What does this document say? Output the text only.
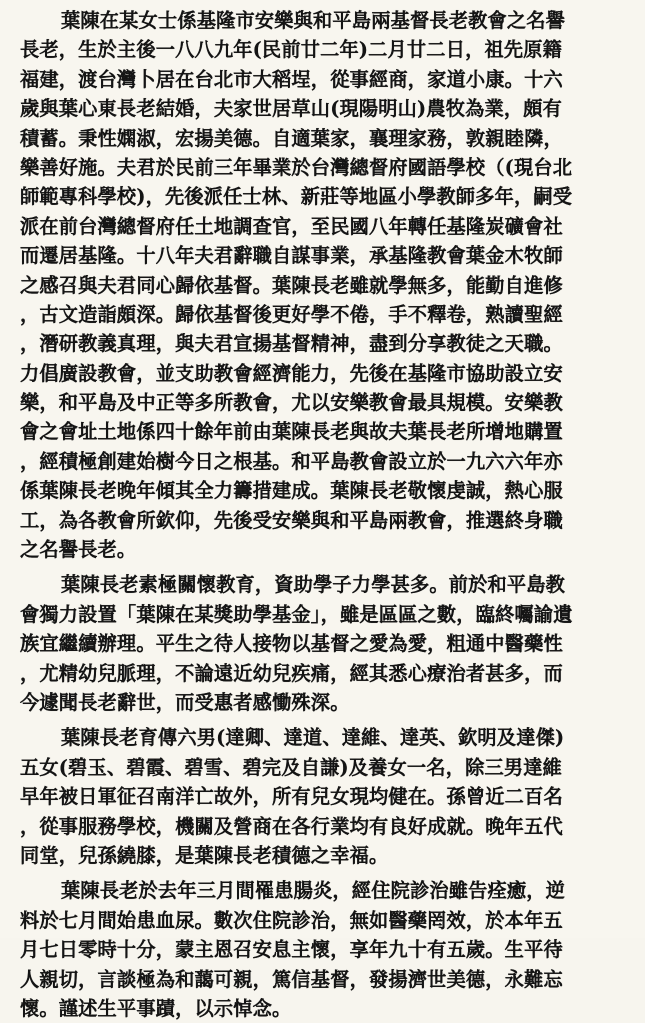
葉陳在某女士係基隆市安樂與和平島兩基督長老教會之名譽
長老，生於主後一八八九年(民前廿二年)二月廿二日，祖先原籍
福建，渡台灣卜居在台北市大稻埕，從事經商，家道小康。十六
歲與葉心東長老結婚，夫家世居草山(現陽明山)農牧為業，頗有
積蓄。秉性嫻淑，宏揚美德。自適葉家，襄理家務，敦親睦隣，
樂善好施。夫君於民前三年畢業於台灣總督府國語學校（(現台北
師範專科學校)，先後派任士林、新莊等地區小學教師多年，嗣受
派在前台灣總督府任土地調查官，至民國八年轉任基隆炭礦會社
而遷居基隆。十八年夫君辭職自謀事業，承基隆教會葉金木牧師
之感召與夫君同心歸依基督。葉陳長老雖就學無多，能勤自進修
，古文造詣頗深。歸依基督後更好學不倦，手不釋卷，熟讀聖經
，潛研教義真理，與夫君宣揚基督精神，盡到分享教徒之天職。
力倡廣設教會，並支助教會經濟能力，先後在基隆市協助設立安
樂，和平島及中正等多所教會，尤以安樂教會最具規模。安樂教
會之會址土地係四十餘年前由葉陳長老與故夫葉長老所增地購置
，經積極創建始樹今日之根基。和平島教會設立於一九六六年亦
係葉陳長老晚年傾其全力籌措建成。葉陳長老敬懷虔誠，熱心服
工，為各教會所欽仰，先後受安樂與和平島兩教會，推選終身職
之名譽長老。
葉陳長老素極關懷教育，資助學子力學甚多。前於和平島教
會獨力設置「葉陳在某獎助學基金」，雖是區區之數，臨終囑諭遺
族宜繼續辦理。平生之待人接物以基督之愛為愛，粗通中醫藥性
，尤精幼兒脈理，不論遠近幼兒疾痛，經其悉心療治者甚多，而
今遽聞長老辭世，而受惠者感慟殊深。
葉陳長老育傳六男(達卿、達道、達維、達英、欽明及達傑)
五女(碧玉、碧霞、碧雪、碧完及自謙)及養女一名，除三男達維
早年被日軍征召南洋亡故外，所有兒女現均健在。孫曾近二百名
，從事服務學校，機關及營商在各行業均有良好成就。晚年五代
同堂，兒孫繞膝，是葉陳長老積德之幸福。
葉陳長老於去年三月間罹患腸炎，經住院診治雖告痊癒，逆
料於七月間始患血尿。數次住院診治，無如醫藥罔效，於本年五
月七日零時十分，蒙主恩召安息主懷，享年九十有五歲。生平待
人親切，言談極為和藹可親，篤信基督，發揚濟世美德，永難忘
懷。謹述生平事蹟，以示悼念。
